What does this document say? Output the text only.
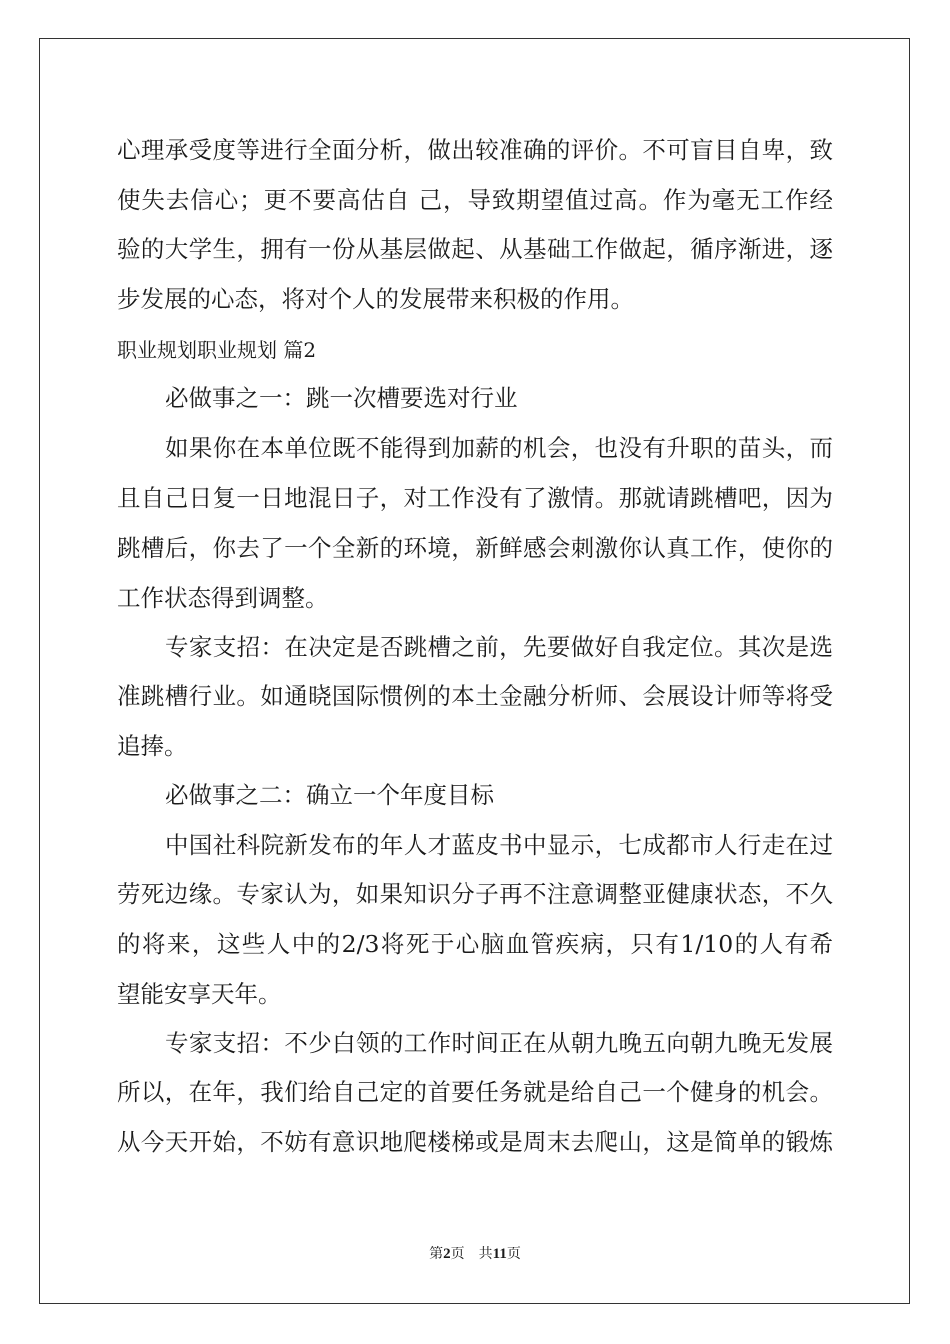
心理承受度等进行全面分析，做出较准确的评价。不可盲目自卑，致
使失去信心；更不要高估自 己，导致期望值过高。作为毫无工作经
验的大学生，拥有一份从基层做起、从基础工作做起，循序渐进，逐
步发展的心态，将对个人的发展带来积极的作用。
职业规划职业规划 篇2
必做事之一：跳一次槽要选对行业
如果你在本单位既不能得到加薪的机会，也没有升职的苗头，而
且自己日复一日地混日子，对工作没有了激情。那就请跳槽吧，因为
跳槽后，你去了一个全新的环境，新鲜感会刺激你认真工作，使你的
工作状态得到调整。
专家支招：在决定是否跳槽之前，先要做好自我定位。其次是选
准跳槽行业。如通晓国际惯例的本土金融分析师、会展设计师等将受
追捧。
必做事之二：确立一个年度目标
中国社科院新发布的年人才蓝皮书中显示，七成都市人行走在过
劳死边缘。专家认为，如果知识分子再不注意调整亚健康状态，不久
的将来，这些人中的2/3将死于心脑血管疾病，只有1/10的人有希
望能安享天年。
专家支招：不少白领的工作时间正在从朝九晚五向朝九晚无发展
所以，在年，我们给自己定的首要任务就是给自己一个健身的机会。
从今天开始，不妨有意识地爬楼梯或是周末去爬山，这是简单的锻炼
第2页 共11页
